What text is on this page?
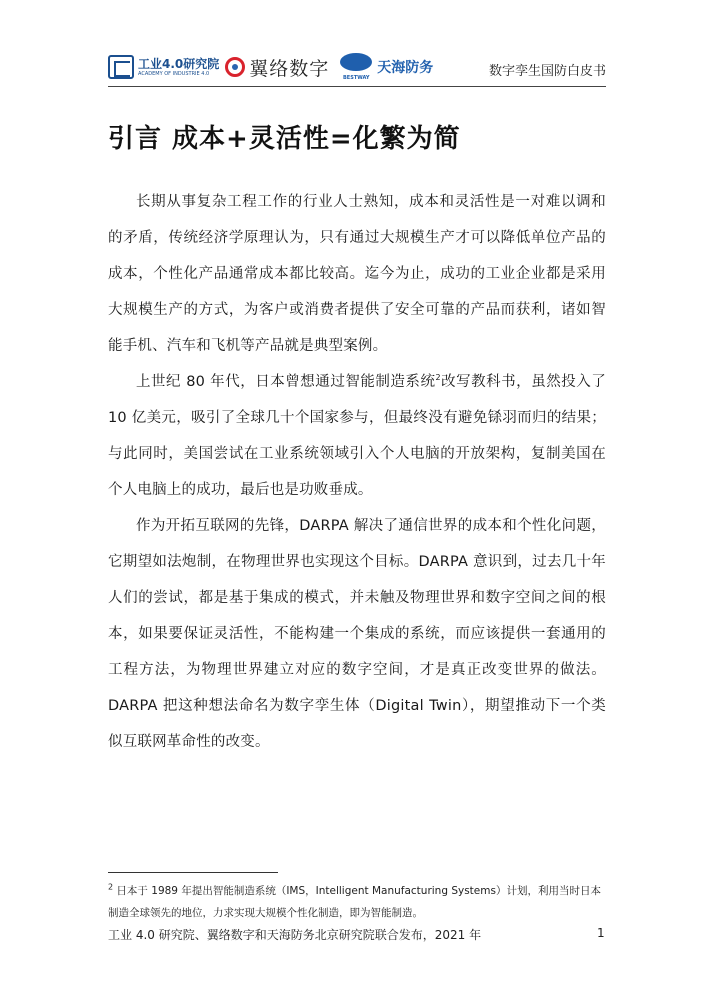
工业4.0研究院
ACADEMY OF INDUSTRIE 4.0	翼络数字	BESTWAY
天海防务	数字孪生国防白皮书
引言 成本+灵活性=化繁为简

长期从事复杂工程工作的行业人士熟知，成本和灵活性是一对难以调和的矛盾，传统经济学原理认为，只有通过大规模生产才可以降低单位产品的成本，个性化产品通常成本都比较高。迄今为止，成功的工业企业都是采用大规模生产的方式，为客户或消费者提供了安全可靠的产品而获利，诸如智能手机、汽车和飞机等产品就是典型案例。

上世纪 80 年代，日本曾想通过智能制造系统$^2$改写教科书，虽然投入了 10 亿美元，吸引了全球几十个国家参与，但最终没有避免铩羽而归的结果；与此同时，美国尝试在工业系统领域引入个人电脑的开放架构，复制美国在个人电脑上的成功，最后也是功败垂成。

作为开拓互联网的先锋，DARPA 解决了通信世界的成本和个性化问题，它期望如法炮制，在物理世界也实现这个目标。DARPA 意识到，过去几十年人们的尝试，都是基于集成的模式，并未触及物理世界和数字空间之间的根本，如果要保证灵活性，不能构建一个集成的系统，而应该提供一套通用的工程方法，为物理世界建立对应的数字空间，才是真正改变世界的做法。DARPA 把这种想法命名为数字孪生体（Digital Twin），期望推动下一个类似互联网革命性的改变。

$^2$ 日本于 1989 年提出智能制造系统（IMS，Intelligent Manufacturing Systems）计划，利用当时日本制造全球领先的地位，力求实现大规模个性化制造，即为智能制造。
工业 4.0 研究院、翼络数字和天海防务北京研究院联合发布，2021 年	1
